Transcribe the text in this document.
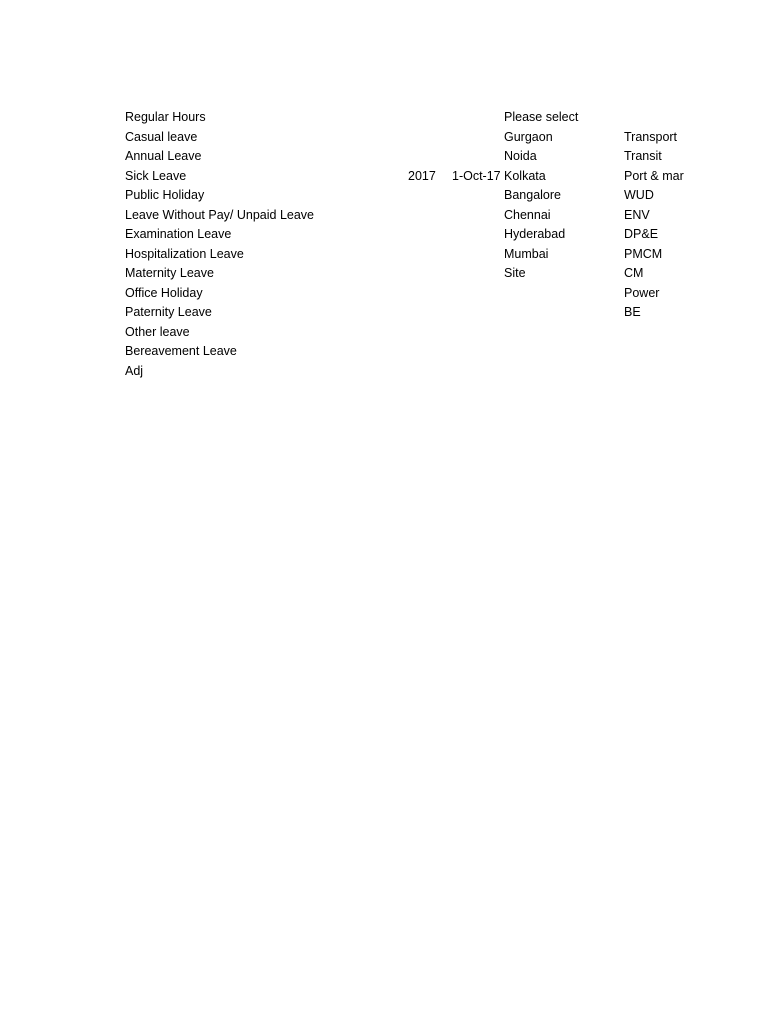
Regular Hours
Casual leave
Annual Leave
Sick Leave
Public Holiday
Leave Without Pay/ Unpaid Leave
Examination Leave
Hospitalization Leave
Maternity Leave
Office Holiday
Paternity Leave
Other leave
Bereavement Leave
Adj
2017	1-Oct-17
Please select
Gurgaon
Noida
Kolkata
Bangalore
Chennai
Hyderabad
Mumbai
Site
Transport
Transit
Port & mar
WUD
ENV
DP&E
PMCM
CM
Power
BE
